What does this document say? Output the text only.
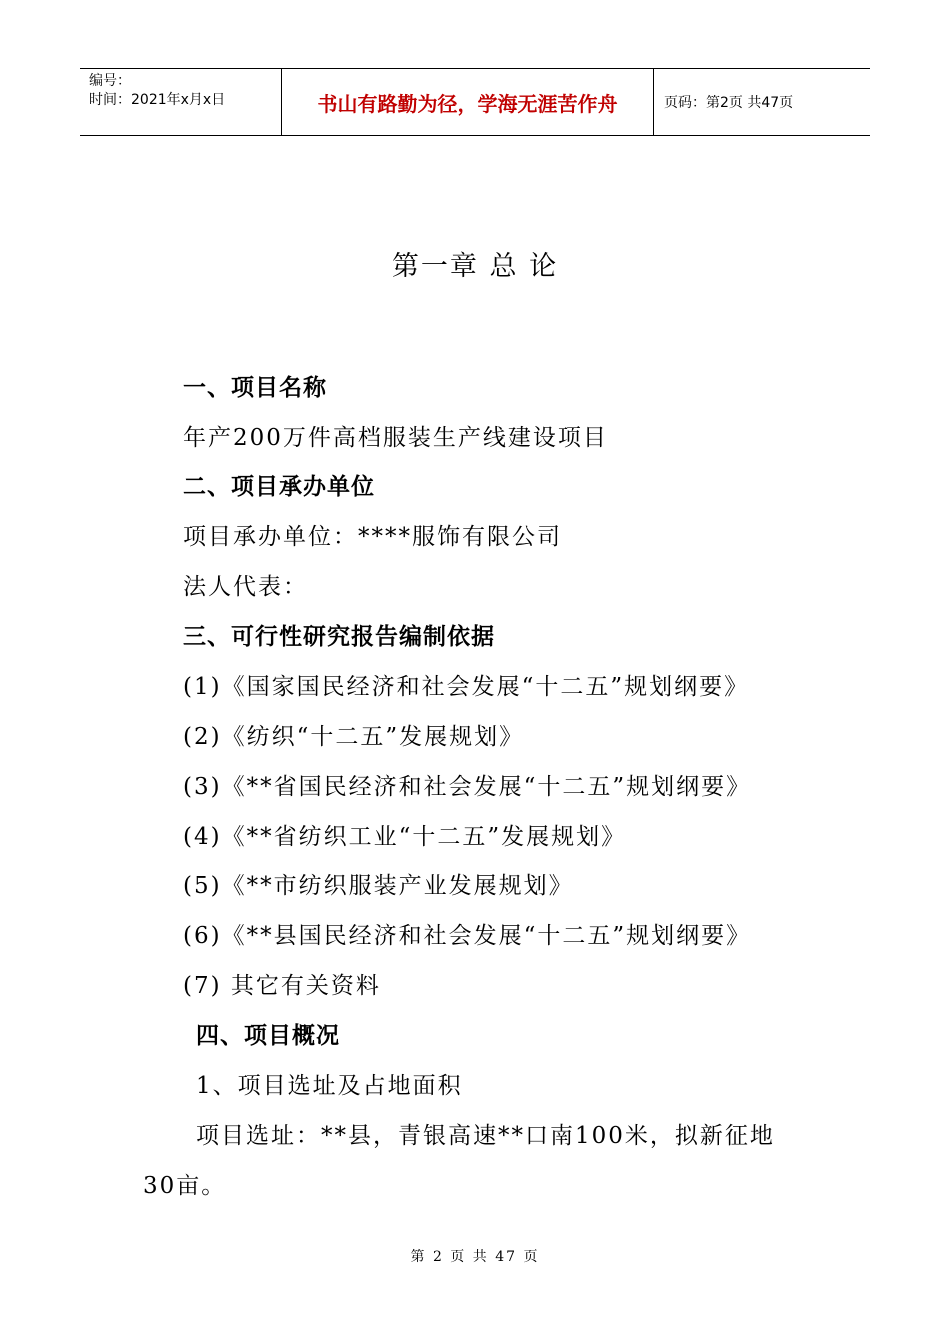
编号：
时间：2021年x月x日	书山有路勤为径，学海无涯苦作舟	页码：第2页 共47页
第一章 总 论
一、项目名称
年产200万件高档服装生产线建设项目
二、项目承办单位
项目承办单位：****服饰有限公司
法人代表：
三、可行性研究报告编制依据
(1)《国家国民经济和社会发展“十二五”规划纲要》
(2)《纺织“十二五”发展规划》
(3)《**省国民经济和社会发展“十二五”规划纲要》
(4)《**省纺织工业“十二五”发展规划》
(5)《**市纺织服装产业发展规划》
(6)《**县国民经济和社会发展“十二五”规划纲要》
(7) 其它有关资料
四、项目概况
1、项目选址及占地面积
项目选址：**县，青银高速**口南100米，拟新征地
30亩。
第 2 页 共 47 页
